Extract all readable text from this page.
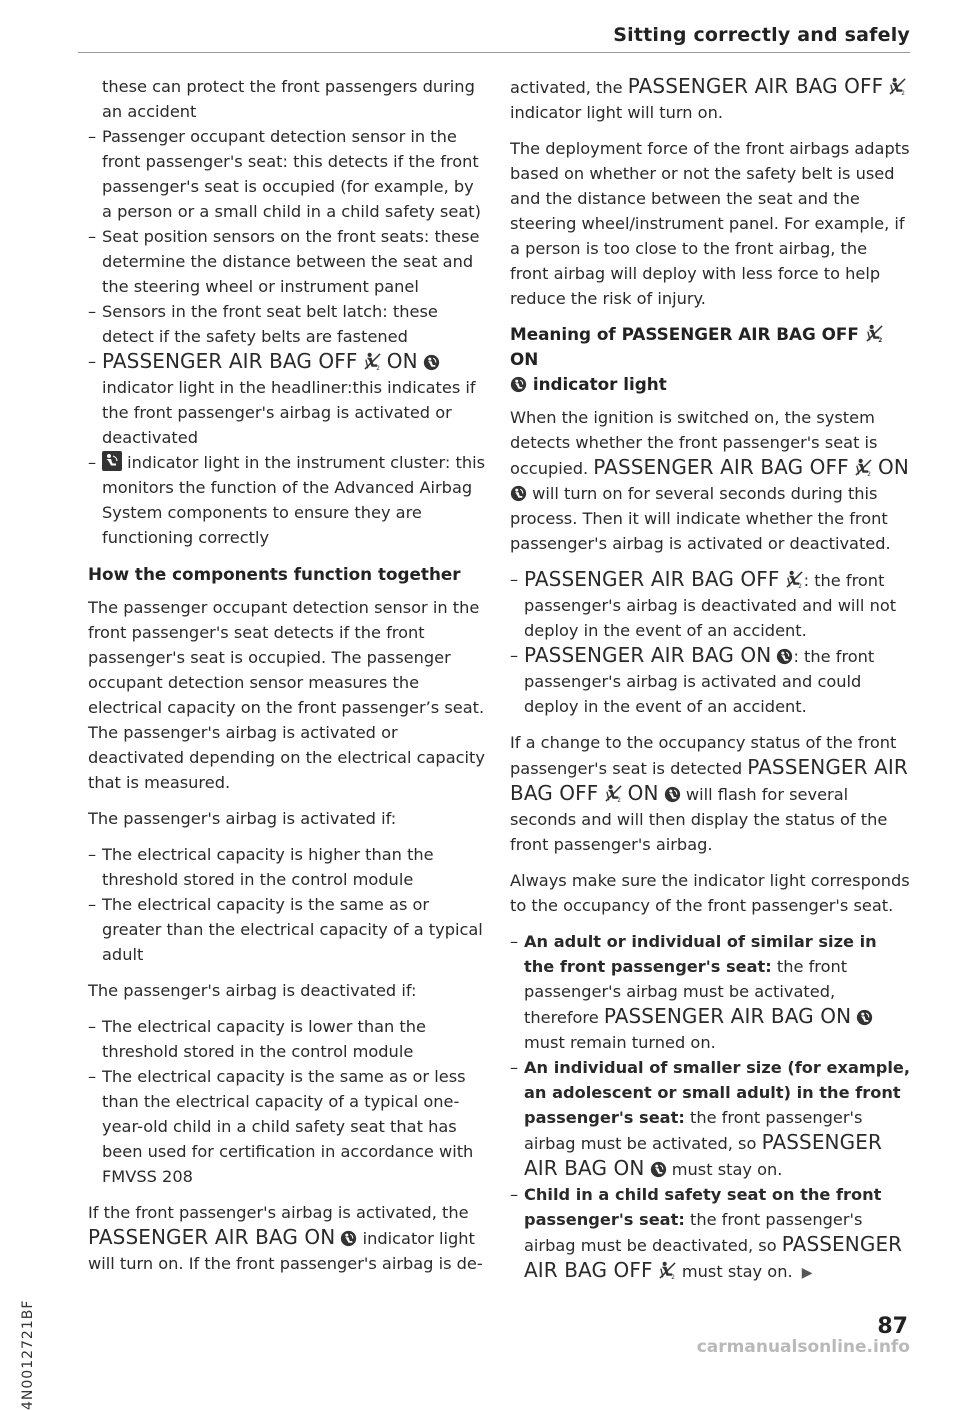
Sitting correctly and safely
these can protect the front passengers during an accident
– Passenger occupant detection sensor in the front passenger's seat: this detects if the front passenger's seat is occupied (for example, by a person or a small child in a child safety seat)
– Seat position sensors on the front seats: these determine the distance between the seat and the steering wheel or instrument panel
– Sensors in the front seat belt latch: these detect if the safety belts are fastened
– PASSENGER AIR BAG OFF ON
indicator light in the headliner:this indicates if the front passenger's airbag is activated or deactivated
– indicator light in the instrument cluster: this monitors the function of the Advanced Airbag System components to ensure they are functioning correctly
How the components function together

The passenger occupant detection sensor in the front passenger's seat detects if the front passenger's seat is occupied. The passenger occupant detection sensor measures the electrical capacity on the front passenger’s seat. The passenger's airbag is activated or deactivated depending on the electrical capacity that is measured.

The passenger's airbag is activated if:

– The electrical capacity is higher than the threshold stored in the control module
– The electrical capacity is the same as or greater than the electrical capacity of a typical adult

The passenger's airbag is deactivated if:

– The electrical capacity is lower than the threshold stored in the control module
– The electrical capacity is the same as or less than the electrical capacity of a typical one-year-old child in a child safety seat that has been used for certification in accordance with FMVSS 208

If the front passenger's airbag is activated, the PASSENGER AIR BAG ON indicator light will turn on. If the front passenger's airbag is de-

activated, the PASSENGER AIR BAG OFF
indicator light will turn on.

The deployment force of the front airbags adapts based on whether or not the safety belt is used and the distance between the seat and the steering wheel/instrument panel. For example, if a person is too close to the front airbag, the front airbag will deploy with less force to help reduce the risk of injury.

Meaning of PASSENGER AIR BAG OFF
ON

indicator light

When the ignition is switched on, the system detects whether the front passenger's seat is occupied. PASSENGER AIR BAG OFF ON
will turn on for several seconds during this process. Then it will indicate whether the front passenger's airbag is activated or deactivated.

– PASSENGER AIR BAG OFF : the front passenger's airbag is deactivated and will not deploy in the event of an accident.
– PASSENGER AIR BAG ON : the front passenger's airbag is activated and could deploy in the event of an accident.

If a change to the occupancy status of the front passenger's seat is detected PASSENGER AIR BAG OFF ON will flash for several seconds and will then display the status of the front passenger's airbag.

Always make sure the indicator light corresponds to the occupancy of the front passenger's seat.

– An adult or individual of similar size in the front passenger's seat: the front passenger's airbag must be activated, therefore PASSENGER AIR BAG ON
must remain turned on.
– An individual of smaller size (for example, an adolescent or small adult) in the front passenger's seat: the front passenger's airbag must be activated, so PASSENGER AIR BAG ON must stay on.
– Child in a child safety seat on the front passenger's seat: the front passenger's airbag must be deactivated, so PASSENGER AIR BAG OFF must stay on. ▶
4N0012721BF	87
carmanualsonline.info
